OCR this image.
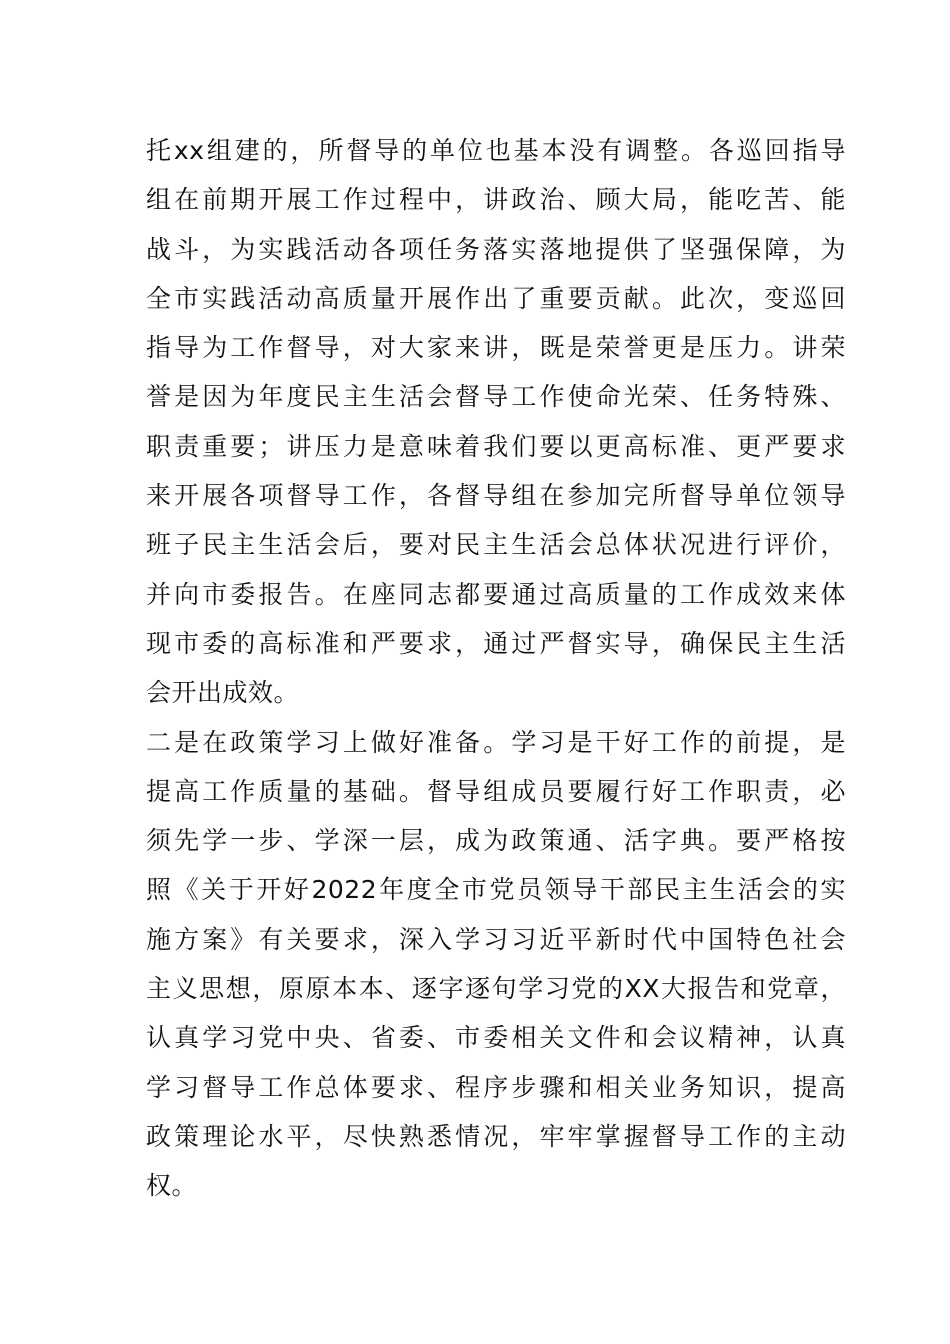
托xx组建的，所督导的单位也基本没有调整。各巡回指导
组在前期开展工作过程中，讲政治、顾大局，能吃苦、能
战斗，为实践活动各项任务落实落地提供了坚强保障，为
全市实践活动高质量开展作出了重要贡献。此次，变巡回
指导为工作督导，对大家来讲，既是荣誉更是压力。讲荣
誉是因为年度民主生活会督导工作使命光荣、任务特殊、
职责重要；讲压力是意味着我们要以更高标准、更严要求
来开展各项督导工作，各督导组在参加完所督导单位领导
班子民主生活会后，要对民主生活会总体状况进行评价，
并向市委报告。在座同志都要通过高质量的工作成效来体
现市委的高标准和严要求，通过严督实导，确保民主生活
会开出成效。
二是在政策学习上做好准备。学习是干好工作的前提，是
提高工作质量的基础。督导组成员要履行好工作职责，必
须先学一步、学深一层，成为政策通、活字典。要严格按
照《关于开好2022年度全市党员领导干部民主生活会的实
施方案》有关要求，深入学习习近平新时代中国特色社会
主义思想，原原本本、逐字逐句学习党的XX大报告和党章，
认真学习党中央、省委、市委相关文件和会议精神，认真
学习督导工作总体要求、程序步骤和相关业务知识，提高
政策理论水平，尽快熟悉情况，牢牢掌握督导工作的主动
权。
